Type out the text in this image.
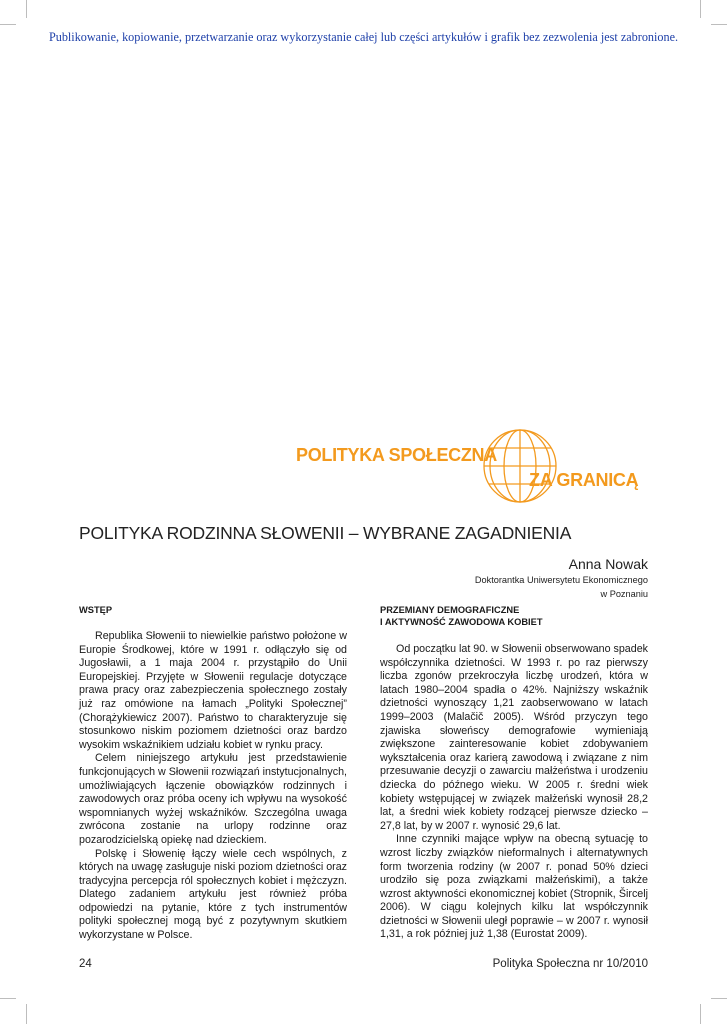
Publikowanie, kopiowanie, przetwarzanie oraz wykorzystanie całej lub części artykułów i grafik bez zezwolenia jest zabronione.
POLITYKA SPOŁECZNA
ZA GRANICĄ
POLITYKA RODZINNA SŁOWENII – WYBRANE ZAGADNIENIA
Anna Nowak
Doktorantka Uniwersytetu Ekonomicznego
w Poznaniu
WSTĘP

Republika Słowenii to niewielkie państwo położone w Europie Środkowej, które w 1991 r. odłączyło się od Jugosławii, a 1 maja 2004 r. przystąpiło do Unii Europejskiej. Przyjęte w Słowenii regulacje dotyczące prawa pracy oraz zabezpieczenia społecznego zostały już raz omówione na łamach „Polityki Społecznej” (Chorążykiewicz 2007). Państwo to charakteryzuje się stosunkowo niskim poziomem dzietności oraz bardzo wysokim wskaźnikiem udziału kobiet w rynku pracy.

Celem niniejszego artykułu jest przedstawienie funkcjonujących w Słowenii rozwiązań instytucjonalnych, umożliwiających łączenie obowiązków rodzinnych i zawodowych oraz próba oceny ich wpływu na wysokość wspomnianych wyżej wskaźników. Szczególna uwaga zwrócona zostanie na urlopy rodzinne oraz pozarodzicielską opiekę nad dzieckiem.

Polskę i Słowenię łączy wiele cech wspólnych, z których na uwagę zasługuje niski poziom dzietności oraz tradycyjna percepcja ról społecznych kobiet i mężczyzn. Dlatego zadaniem artykułu jest również próba odpowiedzi na pytanie, które z tych instrumentów polityki społecznej mogą być z pozytywnym skutkiem wykorzystane w Polsce.

PRZEMIANY DEMOGRAFICZNE
I AKTYWNOŚĆ ZAWODOWA KOBIET

Od początku lat 90. w Słowenii obserwowano spadek współczynnika dzietności. W 1993 r. po raz pierwszy liczba zgonów przekroczyła liczbę urodzeń, która w latach 1980–2004 spadła o 42%. Najniższy wskaźnik dzietności wynoszący 1,21 zaobserwowano w latach 1999–2003 (Malačič 2005). Wśród przyczyn tego zjawiska słoweńscy demografowie wymieniają zwiększone zainteresowanie kobiet zdobywaniem wykształcenia oraz karierą zawodową i związane z nim przesuwanie decyzji o zawarciu małżeństwa i urodzeniu dziecka do późnego wieku. W 2005 r. średni wiek kobiety wstępującej w związek małżeński wynosił 28,2 lat, a średni wiek kobiety rodzącej pierwsze dziecko – 27,8 lat, by w 2007 r. wynosić 29,6 lat.

Inne czynniki mające wpływ na obecną sytuację to wzrost liczby związków nieformalnych i alternatywnych form tworzenia rodziny (w 2007 r. ponad 50% dzieci urodziło się poza związkami małżeńskimi), a także wzrost aktywności ekonomicznej kobiet (Stropnik, Šircelj 2006). W ciągu kolejnych kilku lat współczynnik dzietności w Słowenii uległ poprawie – w 2007 r. wynosił 1,31, a rok później już 1,38 (Eurostat 2009).

24	Polityka Społeczna nr 10/2010
